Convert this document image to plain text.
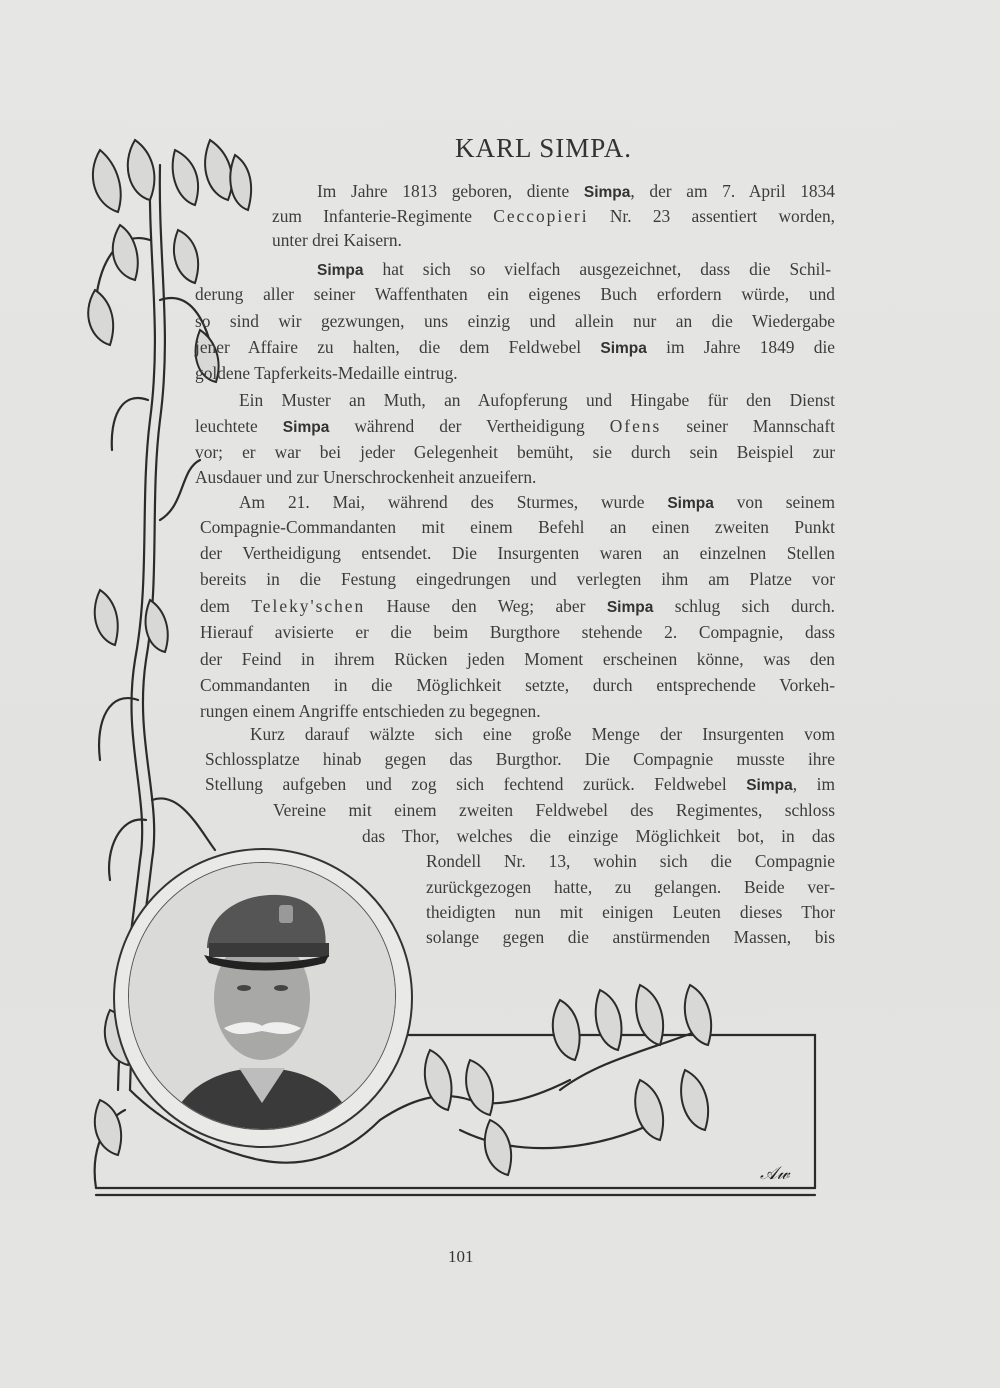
KARL SIMPA.
Im Jahre 1813 geboren, diente Simpa, der am 7. April 1834
zum Infanterie-Regimente Ceccopieri Nr. 23 assentiert worden,
unter drei Kaisern.
Simpa hat sich so vielfach ausgezeichnet, dass die Schil-
derung aller seiner Waffenthaten ein eigenes Buch erfordern würde, und
so sind wir gezwungen, uns einzig und allein nur an die Wiedergabe
jener Affaire zu halten, die dem Feldwebel Simpa im Jahre 1849 die
goldene Tapferkeits-Medaille eintrug.
Ein Muster an Muth, an Aufopferung und Hingabe für den Dienst
leuchtete Simpa während der Vertheidigung Ofens seiner Mannschaft
vor; er war bei jeder Gelegenheit bemüht, sie durch sein Beispiel zur
Ausdauer und zur Unerschrockenheit anzueifern.
Am 21. Mai, während des Sturmes, wurde Simpa von seinem
Compagnie-Commandanten mit einem Befehl an einen zweiten Punkt
der Vertheidigung entsendet. Die Insurgenten waren an einzelnen Stellen
bereits in die Festung eingedrungen und verlegten ihm am Platze vor
dem Teleky'schen Hause den Weg; aber Simpa schlug sich durch.
Hierauf avisierte er die beim Burgthore stehende 2. Compagnie, dass
der Feind in ihrem Rücken jeden Moment erscheinen könne, was den
Commandanten in die Möglichkeit setzte, durch entsprechende Vorkeh-
rungen einem Angriffe entschieden zu begegnen.
Kurz darauf wälzte sich eine große Menge der Insurgenten vom
Schlossplatze hinab gegen das Burgthor. Die Compagnie musste ihre
Stellung aufgeben und zog sich fechtend zurück. Feldwebel Simpa, im
Vereine mit einem zweiten Feldwebel des Regimentes, schloss
das Thor, welches die einzige Möglichkeit bot, in das
Rondell Nr. 13, wohin sich die Compagnie
zurückgezogen hatte, zu gelangen. Beide ver-
theidigten nun mit einigen Leuten dieses Thor
solange gegen die anstürmenden Massen, bis
𝒜𝓌
101
